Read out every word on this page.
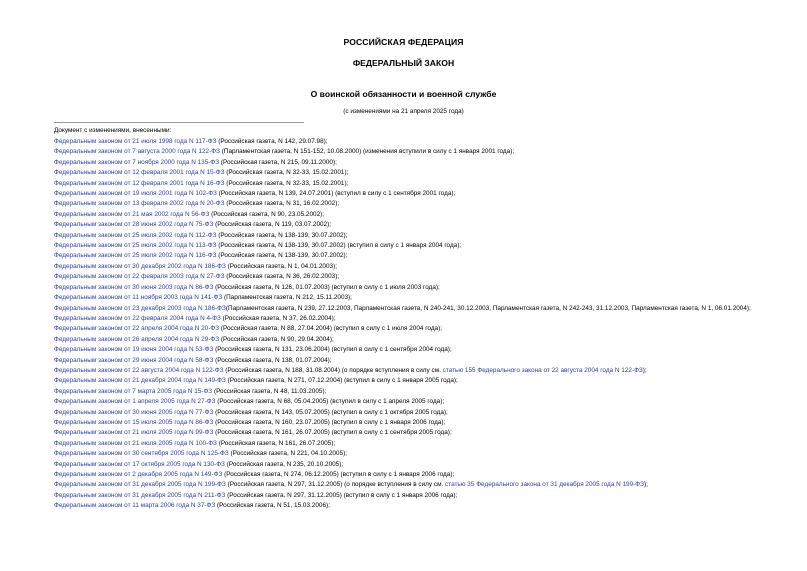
РОССИЙСКАЯ ФЕДЕРАЦИЯ
ФЕДЕРАЛЬНЫЙ ЗАКОН
О воинской обязанности и военной службе
(с изменениями на 21 апреля 2025 года)
Документ с изменениями, внесенными:
Федеральным законом от 21 июля 1998 года N 117-ФЗ (Российская газета, N 142, 29.07.98);
Федеральным законом от 7 августа 2000 года N 122-ФЗ (Парламентская газета, N 151-152, 10.08.2000) (изменения вступили в силу с 1 января 2001 года);
Федеральным законом от 7 ноября 2000 года N 135-ФЗ (Российская газета, N 215, 09.11.2000);
Федеральным законом от 12 февраля 2001 года N 15-ФЗ (Российская газета, N 32-33, 15.02.2001);
Федеральным законом от 12 февраля 2001 года N 16-ФЗ (Российская газета, N 32-33, 15.02.2001);
Федеральным законом от 19 июля 2001 года N 102-ФЗ (Российская газета, N 139, 24.07.2001) (вступил в силу с 1 сентября 2001 года);
Федеральным законом от 13 февраля 2002 года N 20-ФЗ (Российская газета, N 31, 16.02.2002);
Федеральным законом от 21 мая 2002 года N 56-ФЗ (Российская газета, N 90, 23.05.2002);
Федеральным законом от 28 июня 2002 года N 75-ФЗ (Российская газета, N 119, 03.07.2002);
Федеральным законом от 25 июля 2002 года N 112-ФЗ (Российская газета, N 138-139, 30.07.2002);
Федеральным законом от 25 июля 2002 года N 113-ФЗ (Российская газета, N 138-139, 30.07.2002) (вступил в силу с 1 января 2004 года);
Федеральным законом от 25 июля 2002 года N 116-ФЗ (Российская газета, N 138-139, 30.07.2002);
Федеральным законом от 30 декабря 2002 года N 186-ФЗ (Российская газета, N 1, 04.01.2003);
Федеральным законом от 22 февраля 2003 года N 27-ФЗ (Российская газета, N 36, 26.02.2003);
Федеральным законом от 30 июня 2003 года N 86-ФЗ (Российская газета, N 126, 01.07.2003) (вступил в силу с 1 июля 2003 года);
Федеральным законом от 11 ноября 2003 года N 141-ФЗ (Парламентская газета, N 212, 15.11.2003);
Федеральным законом от 23 декабря 2003 года N 186-ФЗ(Парламентская газета, N 239, 27.12.2003, Парламентская газета, N 240-241, 30.12.2003, Парламентская газета, N 242-243, 31.12.2003, Парламентская газета, N 1, 06.01.2004);
Федеральным законом от 22 февраля 2004 года N 4-ФЗ (Российская газета, N 37, 26.02.2004);
Федеральным законом от 22 апреля 2004 года N 20-ФЗ (Российская газета, N 88, 27.04.2004) (вступил в силу с 1 июля 2004 года);
Федеральным законом от 26 апреля 2004 года N 29-ФЗ (Российская газета, N 90, 29.04.2004);
Федеральным законом от 19 июня 2004 года N 53-ФЗ (Российская газета, N 131, 23.06.2004) (вступил в силу с 1 сентября 2004 года);
Федеральным законом от 29 июня 2004 года N 58-ФЗ (Российская газета, N 138, 01.07.2004);
Федеральным законом от 22 августа 2004 года N 122-ФЗ (Российская газета, N 188, 31.08.2004) (о порядке вступления в силу см. статью 155 Федерального закона от 22 августа 2004 года N 122-ФЗ);
Федеральным законом от 21 декабря 2004 года N 149-ФЗ (Российская газета, N 271, 07.12.2004) (вступил в силу с 1 января 2005 года);
Федеральным законом от 7 марта 2005 года N 15-ФЗ (Российская газета, N 48, 11.03.2005);
Федеральным законом от 1 апреля 2005 года N 27-ФЗ (Российская газета, N 68, 05.04.2005) (вступил в силу с 1 апреля 2005 года);
Федеральным законом от 30 июня 2005 года N 77-ФЗ (Российская газета, N 143, 05.07.2005) (вступил в силу с 1 октября 2005 года);
Федеральным законом от 15 июля 2005 года N 86-ФЗ (Российская газета, N 160, 23.07.2005) (вступил в силу с 1 января 2006 года);
Федеральным законом от 21 июля 2005 года N 99-ФЗ (Российская газета, N 161, 26.07.2005) (вступил в силу с 1 сентября 2005 года);
Федеральным законом от 21 июля 2005 года N 100-ФЗ (Российская газета, N 161, 26.07.2005);
Федеральным законом от 30 сентября 2005 года N 125-ФЗ (Российская газета, N 221, 04.10.2005);
Федеральным законом от 17 октября 2005 года N 130-ФЗ (Российская газета, N 235, 20.10.2005);
Федеральным законом от 2 декабря 2005 года N 149-ФЗ (Российская газета, N 274, 06.12.2005) (вступил в силу с 1 января 2006 года);
Федеральным законом от 31 декабря 2005 года N 199-ФЗ (Российская газета, N 297, 31.12.2005) (о порядке вступления в силу см. статью 35 Федерального закона от 31 декабря 2005 года N 199-ФЗ);
Федеральным законом от 31 декабря 2005 года N 211-ФЗ (Российская газета, N 297, 31.12.2005) (вступил в силу с 1 января 2006 года);
Федеральным законом от 11 марта 2006 года N 37-ФЗ (Российская газета, N 51, 15.03.2006);
